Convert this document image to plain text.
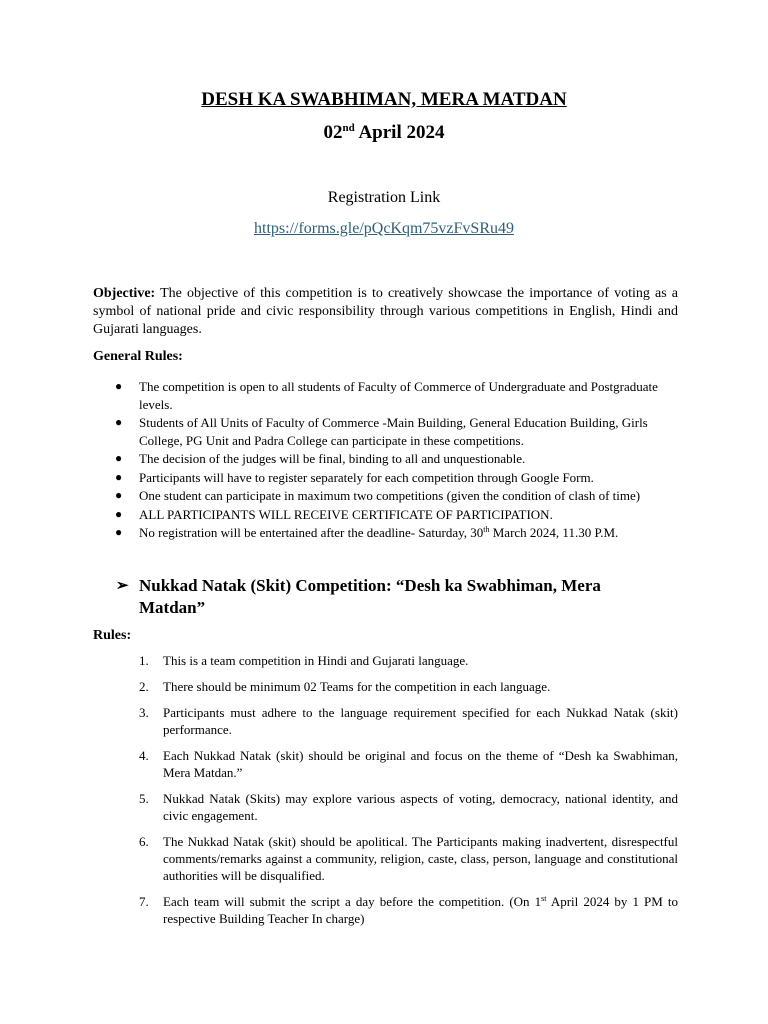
DESH KA SWABHIMAN, MERA MATDAN
02nd April 2024
Registration Link
https://forms.gle/pQcKqm75vzFvSRu49
Objective: The objective of this competition is to creatively showcase the importance of voting as a symbol of national pride and civic responsibility through various competitions in English, Hindi and Gujarati languages.
General Rules:
● The competition is open to all students of Faculty of Commerce of Undergraduate and Postgraduate levels.
● Students of All Units of Faculty of Commerce -Main Building, General Education Building, Girls College, PG Unit and Padra College can participate in these competitions.
● The decision of the judges will be final, binding to all and unquestionable.
● Participants will have to register separately for each competition through Google Form.
● One student can participate in maximum two competitions (given the condition of clash of time)
● ALL PARTICIPANTS WILL RECEIVE CERTIFICATE OF PARTICIPATION.
● No registration will be entertained after the deadline- Saturday, 30th March 2024, 11.30 P.M.
➢ Nukkad Natak (Skit) Competition: “Desh ka Swabhiman, Mera Matdan”
Rules:
1. This is a team competition in Hindi and Gujarati language.
2. There should be minimum 02 Teams for the competition in each language.
3. Participants must adhere to the language requirement specified for each Nukkad Natak (skit) performance.
4. Each Nukkad Natak (skit) should be original and focus on the theme of “Desh ka Swabhiman, Mera Matdan.”
5. Nukkad Natak (Skits) may explore various aspects of voting, democracy, national identity, and civic engagement.
6. The Nukkad Natak (skit) should be apolitical. The Participants making inadvertent, disrespectful comments/remarks against a community, religion, caste, class, person, language and constitutional authorities will be disqualified.
7. Each team will submit the script a day before the competition. (On 1st April 2024 by 1 PM to respective Building Teacher In charge)
